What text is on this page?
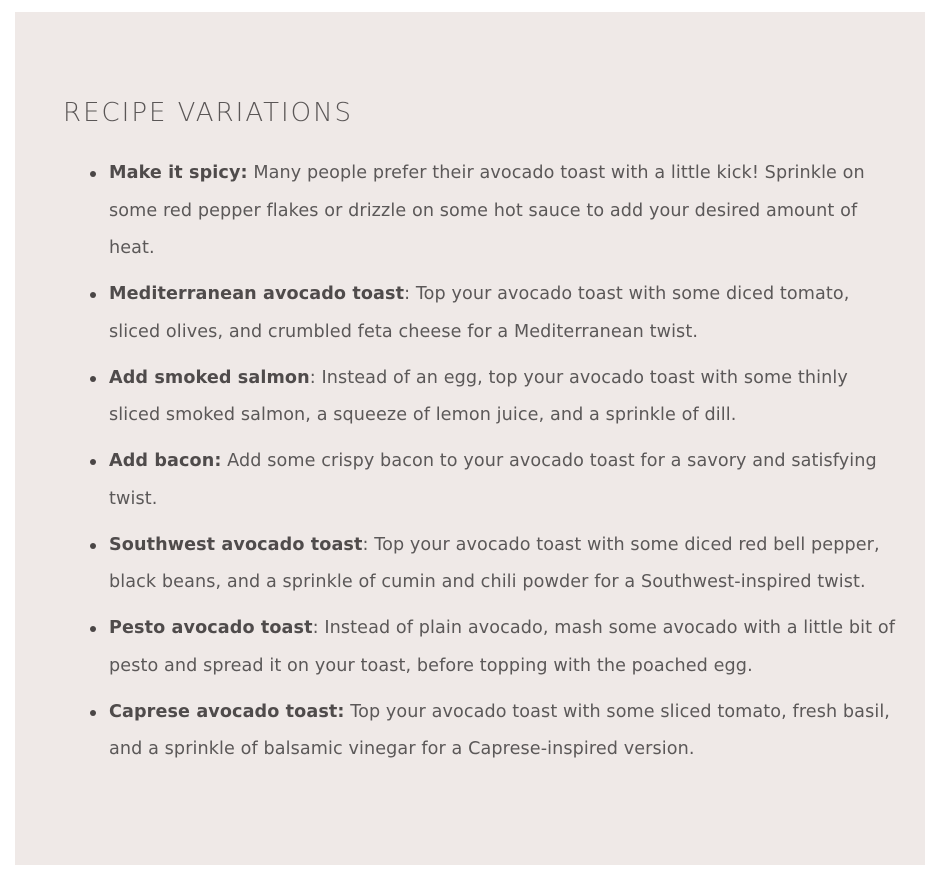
RECIPE VARIATIONS
Make it spicy: Many people prefer their avocado toast with a little kick! Sprinkle on some red pepper flakes or drizzle on some hot sauce to add your desired amount of heat.
Mediterranean avocado toast: Top your avocado toast with some diced tomato, sliced olives, and crumbled feta cheese for a Mediterranean twist.
Add smoked salmon: Instead of an egg, top your avocado toast with some thinly sliced smoked salmon, a squeeze of lemon juice, and a sprinkle of dill.
Add bacon: Add some crispy bacon to your avocado toast for a savory and satisfying twist.
Southwest avocado toast: Top your avocado toast with some diced red bell pepper, black beans, and a sprinkle of cumin and chili powder for a Southwest-inspired twist.
Pesto avocado toast: Instead of plain avocado, mash some avocado with a little bit of pesto and spread it on your toast, before topping with the poached egg.
Caprese avocado toast: Top your avocado toast with some sliced tomato, fresh basil, and a sprinkle of balsamic vinegar for a Caprese-inspired version.
